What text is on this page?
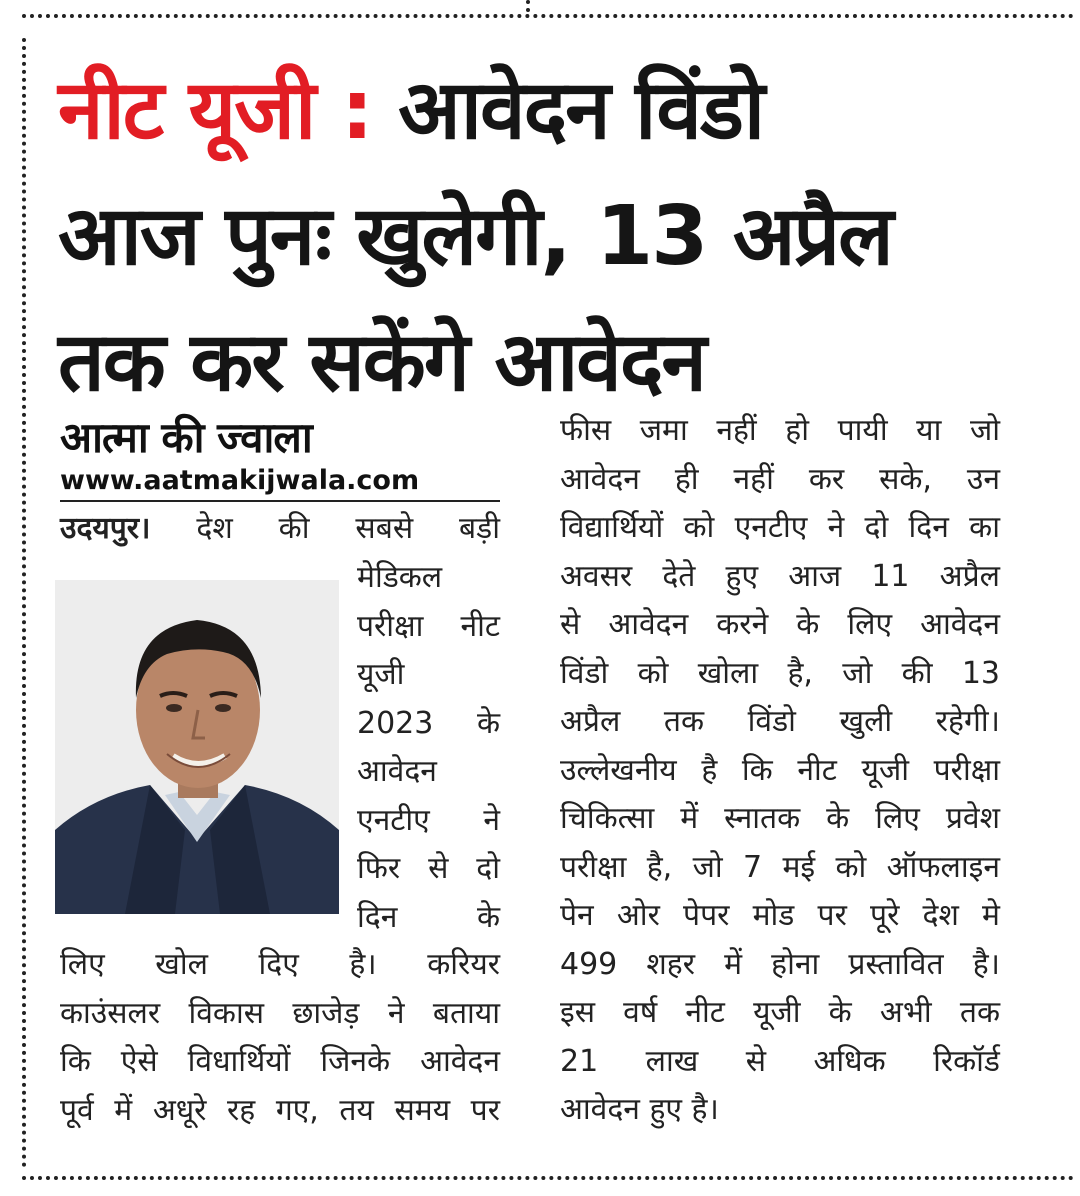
नीट यूजी : आवेदन विंडो
आज पुनः खुलेगी, 13 अप्रैल
तक कर सकेंगे आवेदन
आत्मा की ज्वाला
www.aatmakijwala.com

उदयपुर। देश की सबसे बड़ी

मेडिकल

परीक्षा नीट

यूजी

2023 के

आवेदन

एनटीए ने

फिर से दो

दिन के

लिए खोल दिए है। करियर

काउंसलर विकास छाजेड़ ने बताया

कि ऐसे विधार्थियों जिनके आवेदन

पूर्व में अधूरे रह गए, तय समय पर

फीस जमा नहीं हो पायी या जो

आवेदन ही नहीं कर सके, उन

विद्यार्थियों को एनटीए ने दो दिन का

अवसर देते हुए आज 11 अप्रैल

से आवेदन करने के लिए आवेदन

विंडो को खोला है, जो की 13

अप्रैल तक विंडो खुली रहेगी।

उल्लेखनीय है कि नीट यूजी परीक्षा

चिकित्सा में स्नातक के लिए प्रवेश

परीक्षा है, जो 7 मई को ऑफलाइन

पेन ओर पेपर मोड पर पूरे देश मे

499 शहर में होना प्रस्तावित है।

इस वर्ष नीट यूजी के अभी तक

21 लाख से अधिक रिकॉर्ड

आवेदन हुए है।
